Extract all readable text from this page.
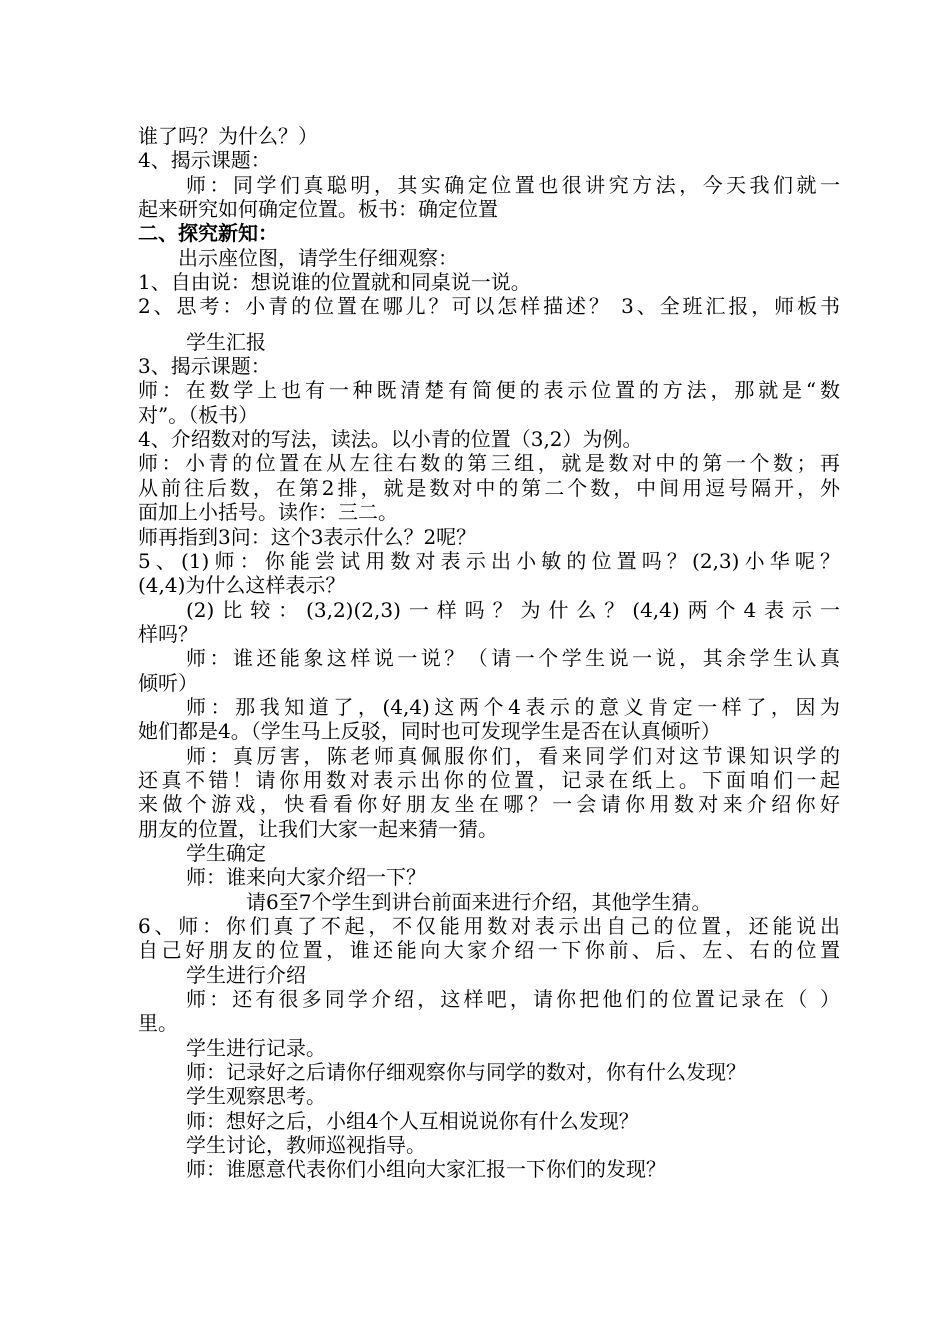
谁了吗？为什么？）
4、揭示课题：
师：同学们真聪明，其实确定位置也很讲究方法，今天我们就一
起来研究如何确定位置。板书：确定位置
二、探究新知：
出示座位图，请学生仔细观察：
1、自由说：想说谁的位置就和同桌说一说。
2、思考：小青的位置在哪儿？可以怎样描述？ 3、全班汇报，师板书
学生汇报
3、揭示课题：
师：在数学上也有一种既清楚有简便的表示位置的方法，那就是“数
对”。（板书）
4、介绍数对的写法，读法。以小青的位置（3,2）为例。
师：小青的位置在从左往右数的第三组，就是数对中的第一个数；再
从前往后数，在第2排，就是数对中的第二个数，中间用逗号隔开，外
面加上小括号。读作：三二。
师再指到3问：这个3表示什么？2呢？
5、(1)师：你能尝试用数对表示出小敏的位置吗？(2,3)小华呢？
(4,4)为什么这样表示？
(2)比较：(3,2)(2,3)一样吗？为什么？(4,4)两个4表示一
样吗？
师：谁还能象这样说一说？（请一个学生说一说，其余学生认真
倾听）
师：那我知道了，(4,4)这两个4表示的意义肯定一样了，因为
她们都是4。（学生马上反驳，同时也可发现学生是否在认真倾听）
师：真厉害，陈老师真佩服你们，看来同学们对这节课知识学的
还真不错！请你用数对表示出你的位置，记录在纸上。下面咱们一起
来做个游戏，快看看你好朋友坐在哪？一会请你用数对来介绍你好
朋友的位置，让我们大家一起来猜一猜。
学生确定
师：谁来向大家介绍一下？
请6至7个学生到讲台前面来进行介绍，其他学生猜。
6、师：你们真了不起，不仅能用数对表示出自己的位置，还能说出
自己好朋友的位置，谁还能向大家介绍一下你前、后、左、右的位置
学生进行介绍
师：还有很多同学介绍，这样吧，请你把他们的位置记录在（ ）
里。
学生进行记录。
师：记录好之后请你仔细观察你与同学的数对，你有什么发现？
学生观察思考。
师：想好之后，小组4个人互相说说你有什么发现？
学生讨论，教师巡视指导。
师：谁愿意代表你们小组向大家汇报一下你们的发现？
